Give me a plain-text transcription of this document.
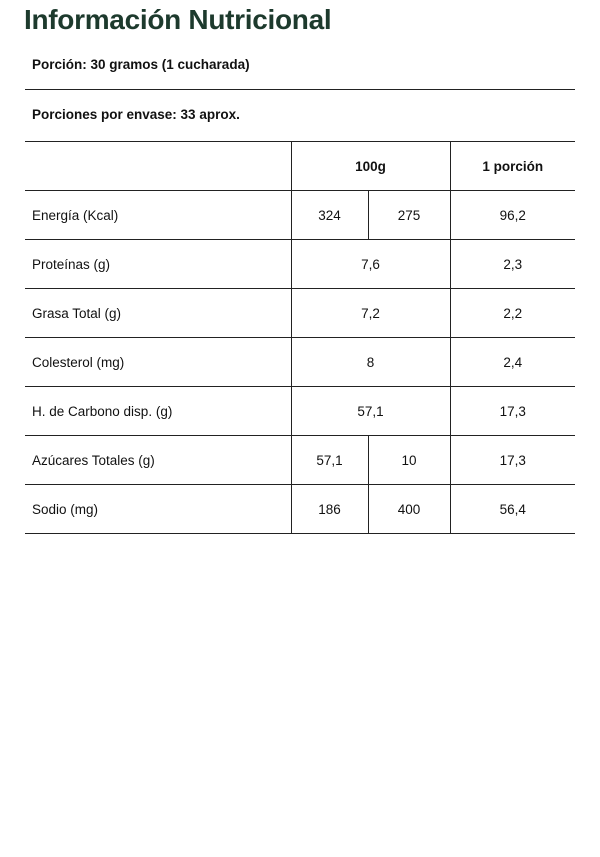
Información Nutricional
Porción: 30 gramos (1 cucharada)
Porciones por envase: 33 aprox.
	100g		1 porción
Energía (Kcal)	324	275	96,2
Proteínas (g)	7,6		2,3
Grasa Total (g)	7,2		2,2
Colesterol (mg)	8		2,4
H. de Carbono disp. (g)	57,1		17,3
Azúcares Totales (g)	57,1	10	17,3
Sodio (mg)	186	400	56,4
